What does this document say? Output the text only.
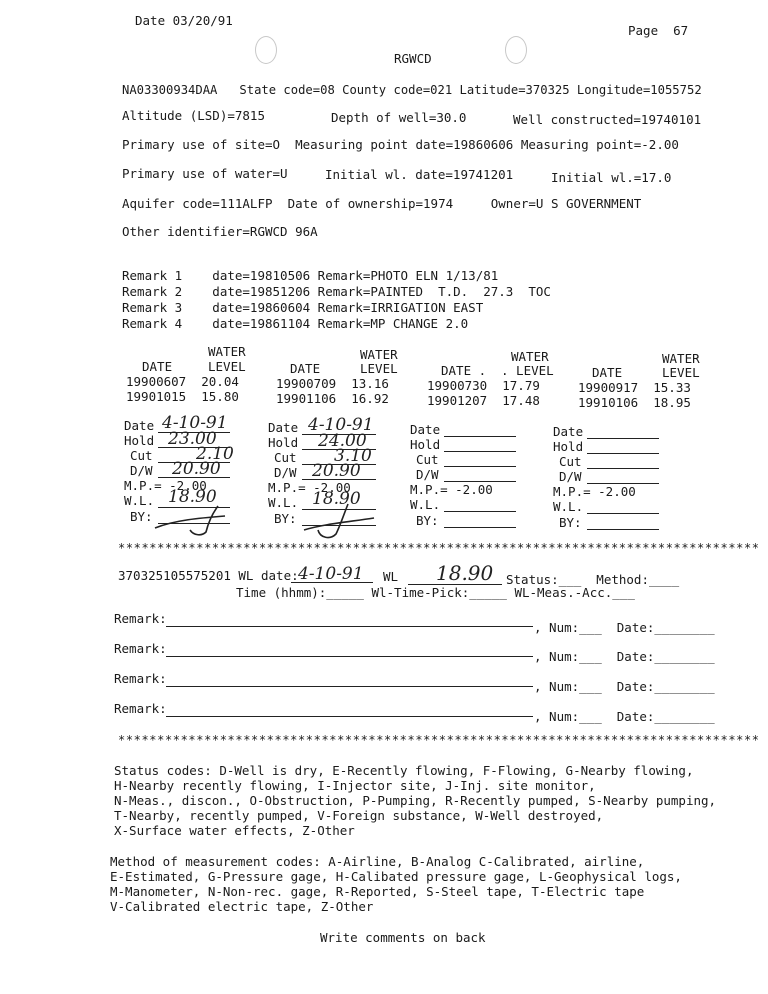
Date 03/20/91
Page  67
RGWCD
NA03300934DAA   State code=08 County code=021 Latitude=370325 Longitude=1055752
Altitude (LSD)=7815	Depth of well=30.0	Well constructed=19740101
Primary use of site=O  Measuring point date=19860606 Measuring point=-2.00
Primary use of water=U	Initial wl. date=19741201	Initial wl.=17.0
Aquifer code=111ALFP  Date of ownership=1974     Owner=U S GOVERNMENT
Other identifier=RGWCD 96A
Remark 1    date=19810506 Remark=PHOTO ELN 1/13/81
Remark 2    date=19851206 Remark=PAINTED  T.D.  27.3  TOC
Remark 3    date=19860604 Remark=IRRIGATION EAST
Remark 4    date=19861104 Remark=MP CHANGE 2.0
WATER
DATE	LEVEL
19900607  20.04
19901015  15.80
WATER
DATE	LEVEL
19900709  13.16
19901106  16.92
WATER
DATE . . LEVEL
19900730  17.79
19901207  17.48
WATER
DATE	LEVEL
19900917  15.33
19910106  18.95
Date 4-10-91
Hold 23.00
Cut	2.10
D/W 20.90
M.P.= -2.00
W.L. 18.90
BY:
Date 4-10-91
Hold 24.00
Cut 3.10
D/W 20.90
M.P.= -2.00
W.L. 18.90
BY:
Date
Hold
Cut
D/W
M.P.= -2.00
W.L.
BY:
Date
Hold
Cut
D/W
M.P.= -2.00
W.L.
BY:
**********************************************************************************
370325105575201 WL date: 4-10-91 WL 18.90 Status:___  Method:____
Time (hhmm):_____ Wl-Time-Pick:_____ WL-Meas.-Acc.___
Remark:
, Num:___  Date:________
Remark:
, Num:___  Date:________
Remark:
, Num:___  Date:________
Remark:
, Num:___  Date:________
**********************************************************************************
Status codes: D-Well is dry, E-Recently flowing, F-Flowing, G-Nearby flowing,
H-Nearby recently flowing, I-Injector site, J-Inj. site monitor,
N-Meas., discon., O-Obstruction, P-Pumping, R-Recently pumped, S-Nearby pumping,
T-Nearby, recently pumped, V-Foreign substance, W-Well destroyed,
X-Surface water effects, Z-Other
Method of measurement codes: A-Airline, B-Analog C-Calibrated, airline,
E-Estimated, G-Pressure gage, H-Calibated pressure gage, L-Geophysical logs,
M-Manometer, N-Non-rec. gage, R-Reported, S-Steel tape, T-Electric tape
V-Calibrated electric tape, Z-Other
Write comments on back
